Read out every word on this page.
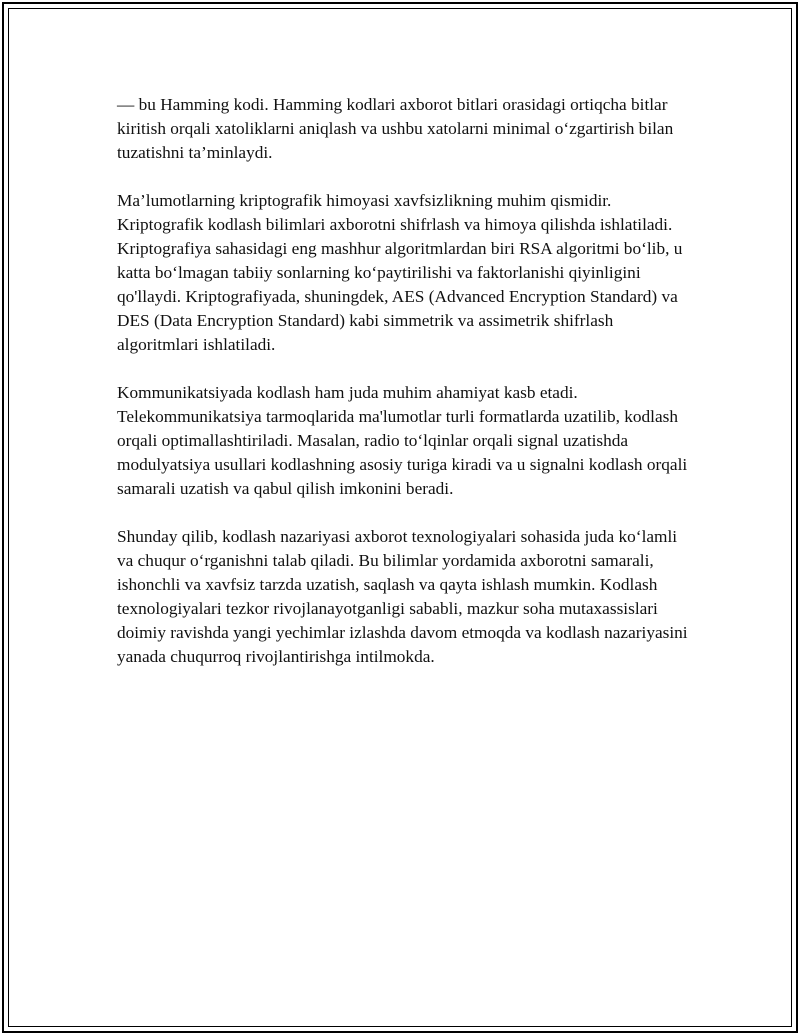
— bu Hamming kodi. Hamming kodlari axborot bitlari orasidagi ortiqcha bitlar kiritish orqali xatoliklarni aniqlash va ushbu xatolarni minimal o‘zgartirish bilan tuzatishni ta’minlaydi.

Ma’lumotlarning kriptografik himoyasi xavfsizlikning muhim qismidir. Kriptografik kodlash bilimlari axborotni shifrlash va himoya qilishda ishlatiladi. Kriptografiya sahasidagi eng mashhur algoritmlardan biri RSA algoritmi bo‘lib, u katta bo‘lmagan tabiiy sonlarning ko‘paytirilishi va faktorlanishi qiyinligini qo'llaydi. Kriptografiyada, shuningdek, AES (Advanced Encryption Standard) va DES (Data Encryption Standard) kabi simmetrik va assimetrik shifrlash algoritmlari ishlatiladi.

Kommunikatsiyada kodlash ham juda muhim ahamiyat kasb etadi. Telekommunikatsiya tarmoqlarida ma'lumotlar turli formatlarda uzatilib, kodlash orqali optimallashtiriladi. Masalan, radio to‘lqinlar orqali signal uzatishda modulyatsiya usullari kodlashning asosiy turiga kiradi va u signalni kodlash orqali samarali uzatish va qabul qilish imkonini beradi.

Shunday qilib, kodlash nazariyasi axborot texnologiyalari sohasida juda ko‘lamli va chuqur o‘rganishni talab qiladi. Bu bilimlar yordamida axborotni samarali, ishonchli va xavfsiz tarzda uzatish, saqlash va qayta ishlash mumkin. Kodlash texnologiyalari tezkor rivojlanayotganligi sababli, mazkur soha mutaxassislari doimiy ravishda yangi yechimlar izlashda davom etmoqda va kodlash nazariyasini yanada chuqurroq rivojlantirishga intilmokda.
